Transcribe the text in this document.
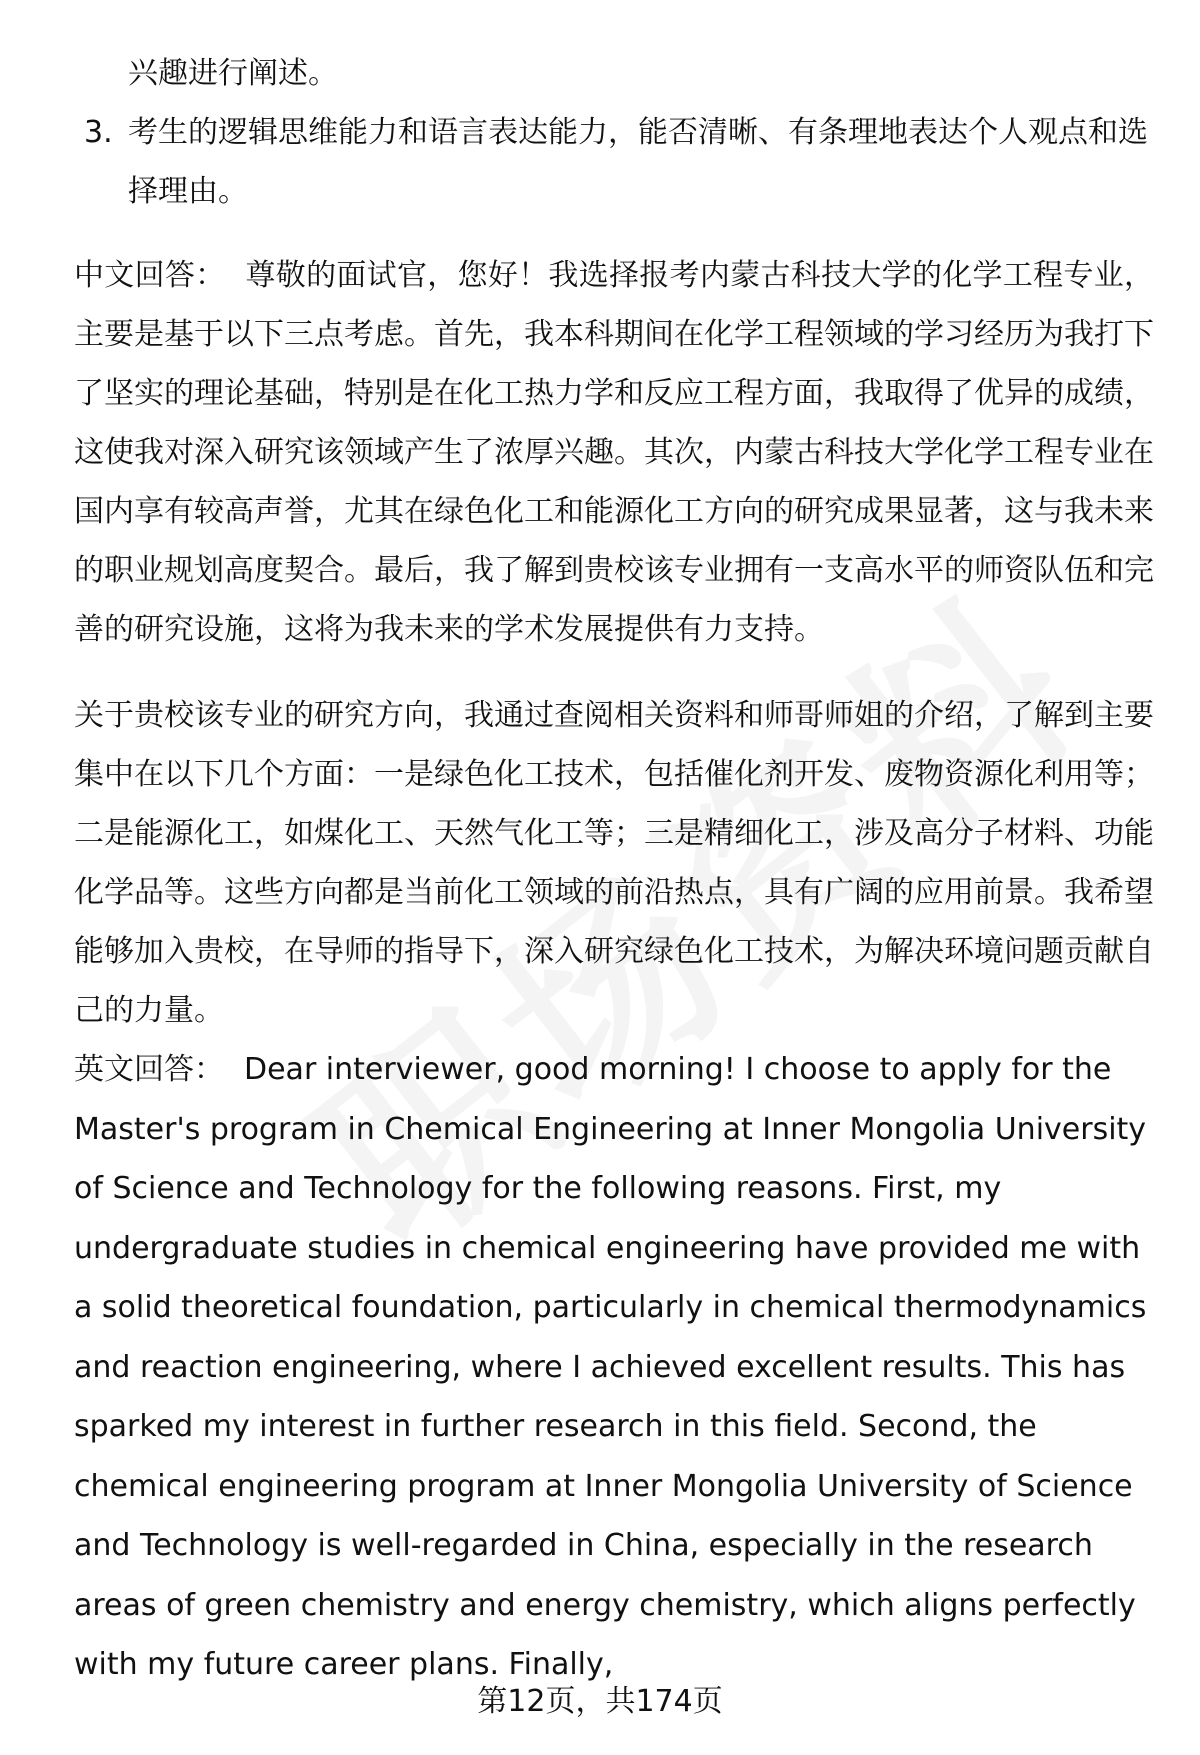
兴趣进行阐述。

3. 考生的逻辑思维能力和语言表达能力，能否清晰、有条理地表达个人观点和选择理由。

中文回答： 尊敬的面试官，您好！我选择报考内蒙古科技大学的化学工程专业，主要是基于以下三点考虑。首先，我本科期间在化学工程领域的学习经历为我打下了坚实的理论基础，特别是在化工热力学和反应工程方面，我取得了优异的成绩，这使我对深入研究该领域产生了浓厚兴趣。其次，内蒙古科技大学化学工程专业在国内享有较高声誉，尤其在绿色化工和能源化工方向的研究成果显著，这与我未来的职业规划高度契合。最后，我了解到贵校该专业拥有一支高水平的师资队伍和完善的研究设施，这将为我未来的学术发展提供有力支持。

关于贵校该专业的研究方向，我通过查阅相关资料和师哥师姐的介绍，了解到主要集中在以下几个方面：一是绿色化工技术，包括催化剂开发、废物资源化利用等；二是能源化工，如煤化工、天然气化工等；三是精细化工，涉及高分子材料、功能化学品等。这些方向都是当前化工领域的前沿热点，具有广阔的应用前景。我希望能够加入贵校，在导师的指导下，深入研究绿色化工技术，为解决环境问题贡献自己的力量。

英文回答： Dear interviewer, good morning! I choose to apply for the Master's program in Chemical Engineering at Inner Mongolia University of Science and Technology for the following reasons. First, my undergraduate studies in chemical engineering have provided me with a solid theoretical foundation, particularly in chemical thermodynamics and reaction engineering, where I achieved excellent results. This has sparked my interest in further research in this field. Second, the chemical engineering program at Inner Mongolia University of Science and Technology is well-regarded in China, especially in the research areas of green chemistry and energy chemistry, which aligns perfectly with my future career plans. Finally,

第12页，共174页
